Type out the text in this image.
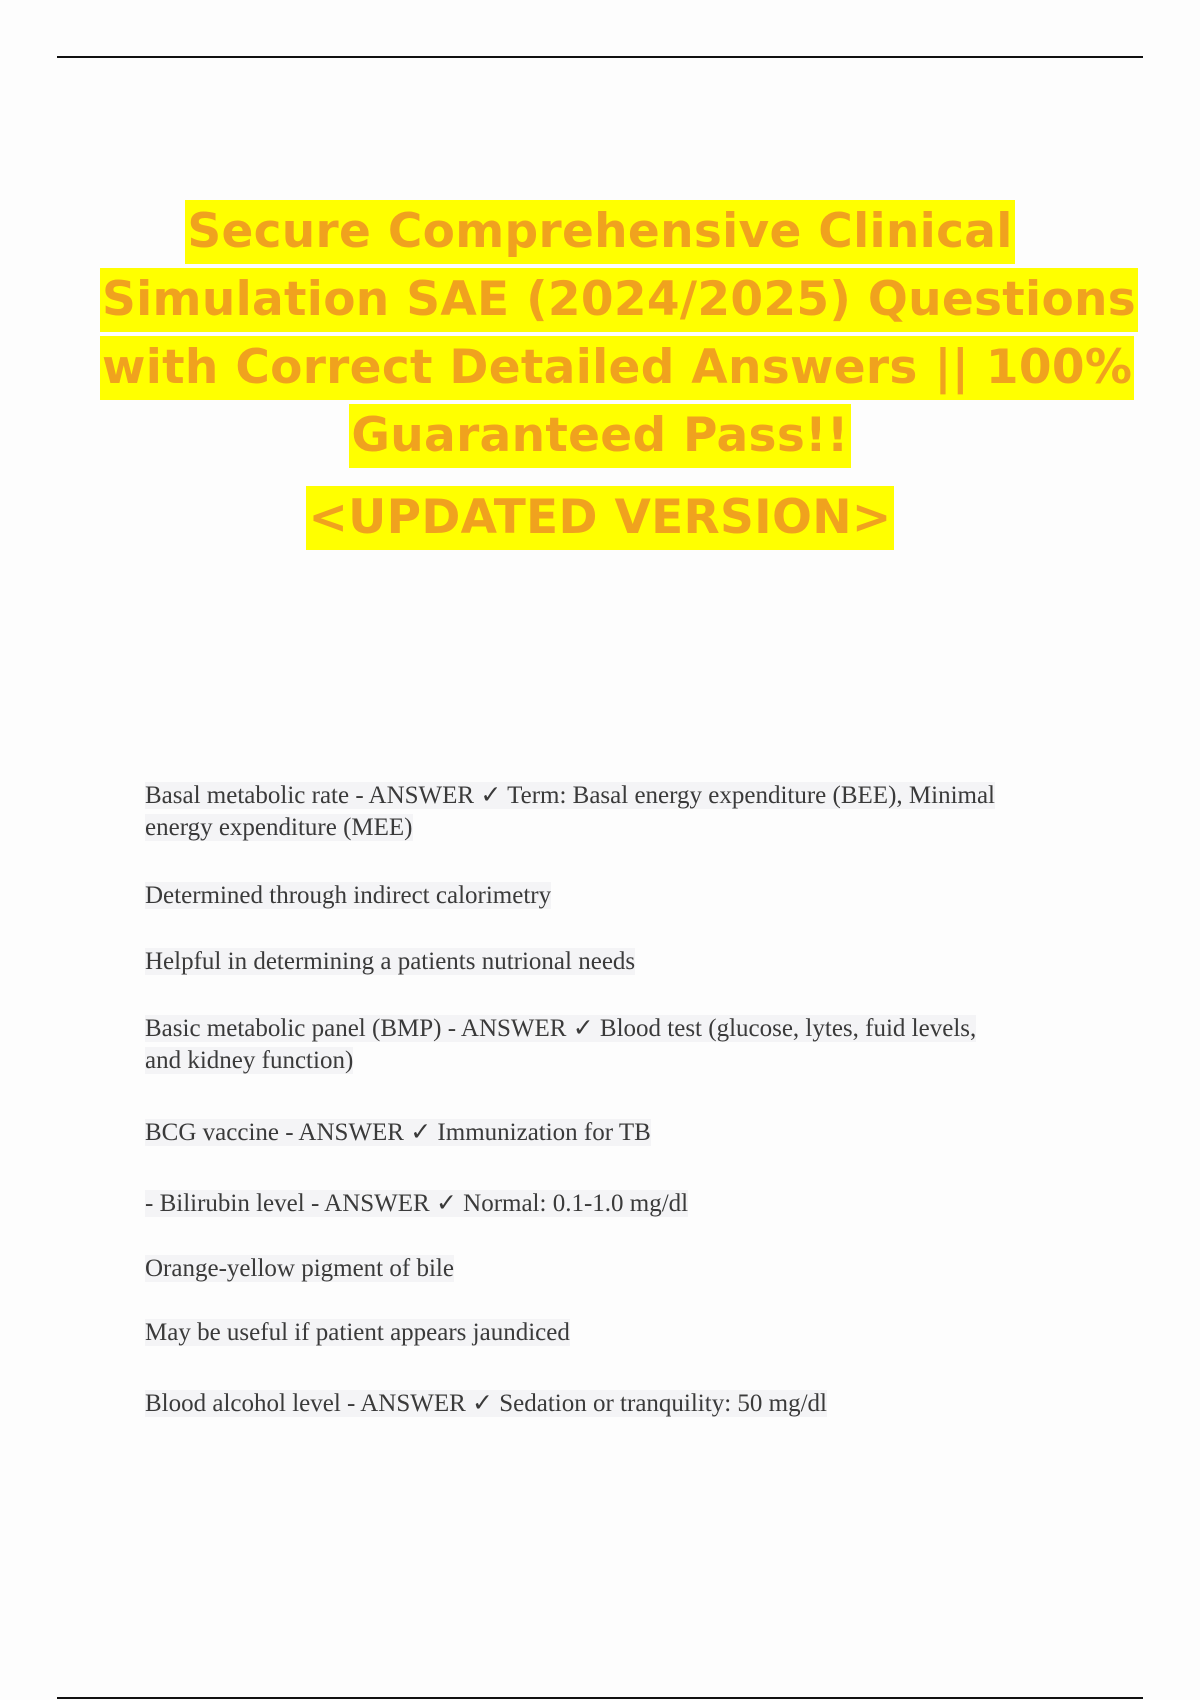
Secure Comprehensive Clinical
Simulation SAE (2024/2025) Questions
with Correct Detailed Answers || 100%
Guaranteed Pass!!
<UPDATED VERSION>
Basal metabolic rate - ANSWER ✓ Term: Basal energy expenditure (BEE), Minimal energy expenditure (MEE)
Determined through indirect calorimetry
Helpful in determining a patients nutrional needs
Basic metabolic panel (BMP) - ANSWER ✓ Blood test (glucose, lytes, fuid levels, and kidney function)
BCG vaccine - ANSWER ✓ Immunization for TB
- Bilirubin level - ANSWER ✓ Normal: 0.1-1.0 mg/dl
Orange-yellow pigment of bile
May be useful if patient appears jaundiced
Blood alcohol level - ANSWER ✓ Sedation or tranquility: 50 mg/dl
